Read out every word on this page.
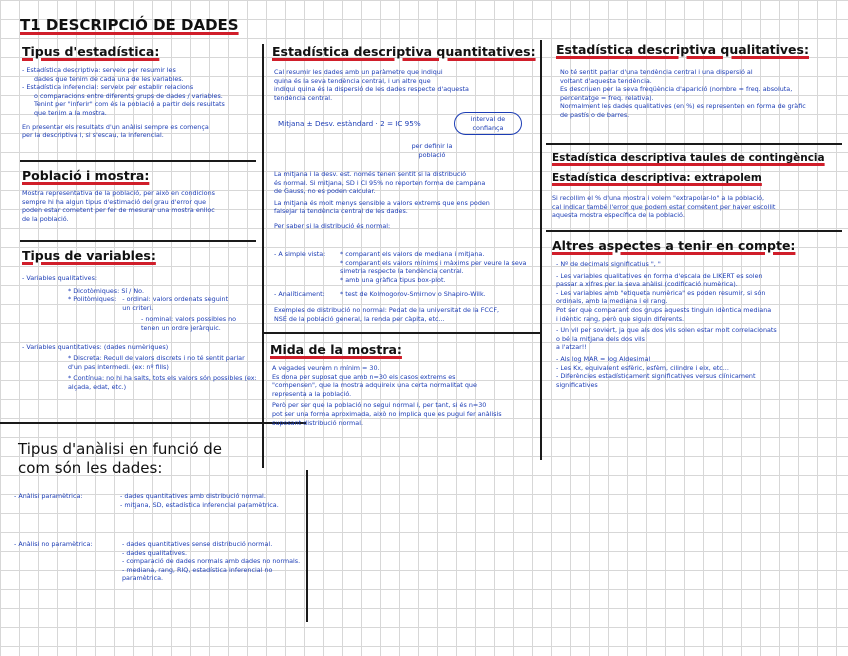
T1 DESCRIPCIÓ DE DADES
Tipus d'estadística:
- Estadística descriptiva: serveix per resumir les
dades que tenim de cada una de les variables.
- Estadística inferencial: serveix per establir relacions
o comparacions entre diferents grups de dades / variables.
Tenint per "inferir" com és la població a partir dels resultats
que tenim a la mostra.
En presentar els resultats d'un anàlisi sempre es comença
per la descriptiva i, si s'escau, la inferencial.
Població i mostra:
Mostra representativa de la població, per això en condicions
sempre hi ha algun tipus d'estimació del grau d'error que
poden estar cometent per fer de mesurar una mostra enlloc
de la població.
Tipus de variables:
- Variables qualitatives:
* Dicotòmiques: Sí / No.
* Politòmiques: - ordinal: valors ordenats seguint un criteri.
- nominal: valors possibles no tenen un ordre jeràrquic.
- Variables quantitatives: (dades numèriques)
* Discreta: Recull de valors discrets i no té sentit parlar d'un pas intermedi. (ex: nº fills)
* Contínua: no hi ha salts, tots els valors són possibles (ex: alçada, edat, etc.)
Tipus d'anàlisi en funció de com són les dades:
- Anàlisi paramètrica:	- dades quantitatives amb distribució normal.
- mitjana, SD, estadística inferencial paramètrica.
- Anàlisi no paramètrica:	- dades quantitatives sense distribució normal.
- dades qualitatives.
- comparació de dades normals amb dades no normals.
- mediana, rang, RIQ, estadística inferencial no paramètrica.
Estadística descriptiva quantitatives:
Cal resumir les dades amb un paràmetre que indiqui
quina és la seva tendència central, i un altre que
indiqui quina és la dispersió de les dades respecte d'aquesta
tendència central.
Mitjana ± Desv. estàndard · 2 = IC 95%	interval de confiança
per definir la població
La mitjana i la desv. est. només tenen sentit si la distribució
és normal. Si mitjana, SD i CI 95% no reporten forma de campana
de Gauss, no es poden calcular.
La mitjana és molt menys sensible a valors extrems que ens poden
falsejar la tendència central de les dades.
Per saber si la distribució és normal:
- A simple vista: * comparant els valors de mediana i mitjana.
* comparant els valors mínims i màxims per veure la seva simetria respecte la tendència central.
* amb una gràfica tipus box-plot.
- Analíticament: * test de Kolmogorov-Smirnov o Shapiro-Wilk.
Exemples de distribució no normal: Pedat de la universitat de la FCCF,
NSE de la població general, la renda per càpita, etc...
Mida de la mostra:
A vegades veurem n mínim = 30.
Es dona per suposat que amb n=30 els casos extrems es
"compensen", que la mostra adquireix una certa normalitat que
representa a la població.
Però per ser que la població no segui normal i, per tant, si és n=30
pot ser una forma aproximada, això no implica que es pugui fer anàlisis
suposant distribució normal.
Estadística descriptiva qualitatives:
No té sentit parlar d'una tendència central i una dispersió al
voltant d'aquesta tendència.
Es descriuen per la seva freqüència d'aparició (nombre = freq. absoluta,
percentatge = freq. relativa).
Normalment les dades qualitatives (en %) es representen en forma de gràfic
de pastís o de barres.
Estadística descriptiva taules de contingència
Estadística descriptiva: extrapolem
Si recollim el % d'una mostra i volem "extrapolar-lo" a la població,
cal indicar també l'error que podem estar cometent per haver escollit
aquesta mostra específica de la població.
Altres aspectes a tenir en compte:
- Nº de decimals significatius ", "
- Les variables qualitatives en forma d'escala de LIKERT es solen
passar a xifres per la seva anàlisi (codificació numèrica).
- Les variables amb "etiqueta numèrica" es poden resumir, si són
ordinals, amb la mediana i el rang.
Pot ser que comparant dos grups aquests tinguin idèntica mediana
i idèntic rang, però que siguin diferents.
- Un vil per soviert, ja que als dos vils solen estar molt correlacionats
o bé la mitjana dels dos vils
a l'atzar!!
- Als log MAR = log Aldesimal
- Les Kx, equivalent esfèric, esfèm, cilindre i eix, etc...
- Diferències estadísticament significatives versus clínicament
significatives
